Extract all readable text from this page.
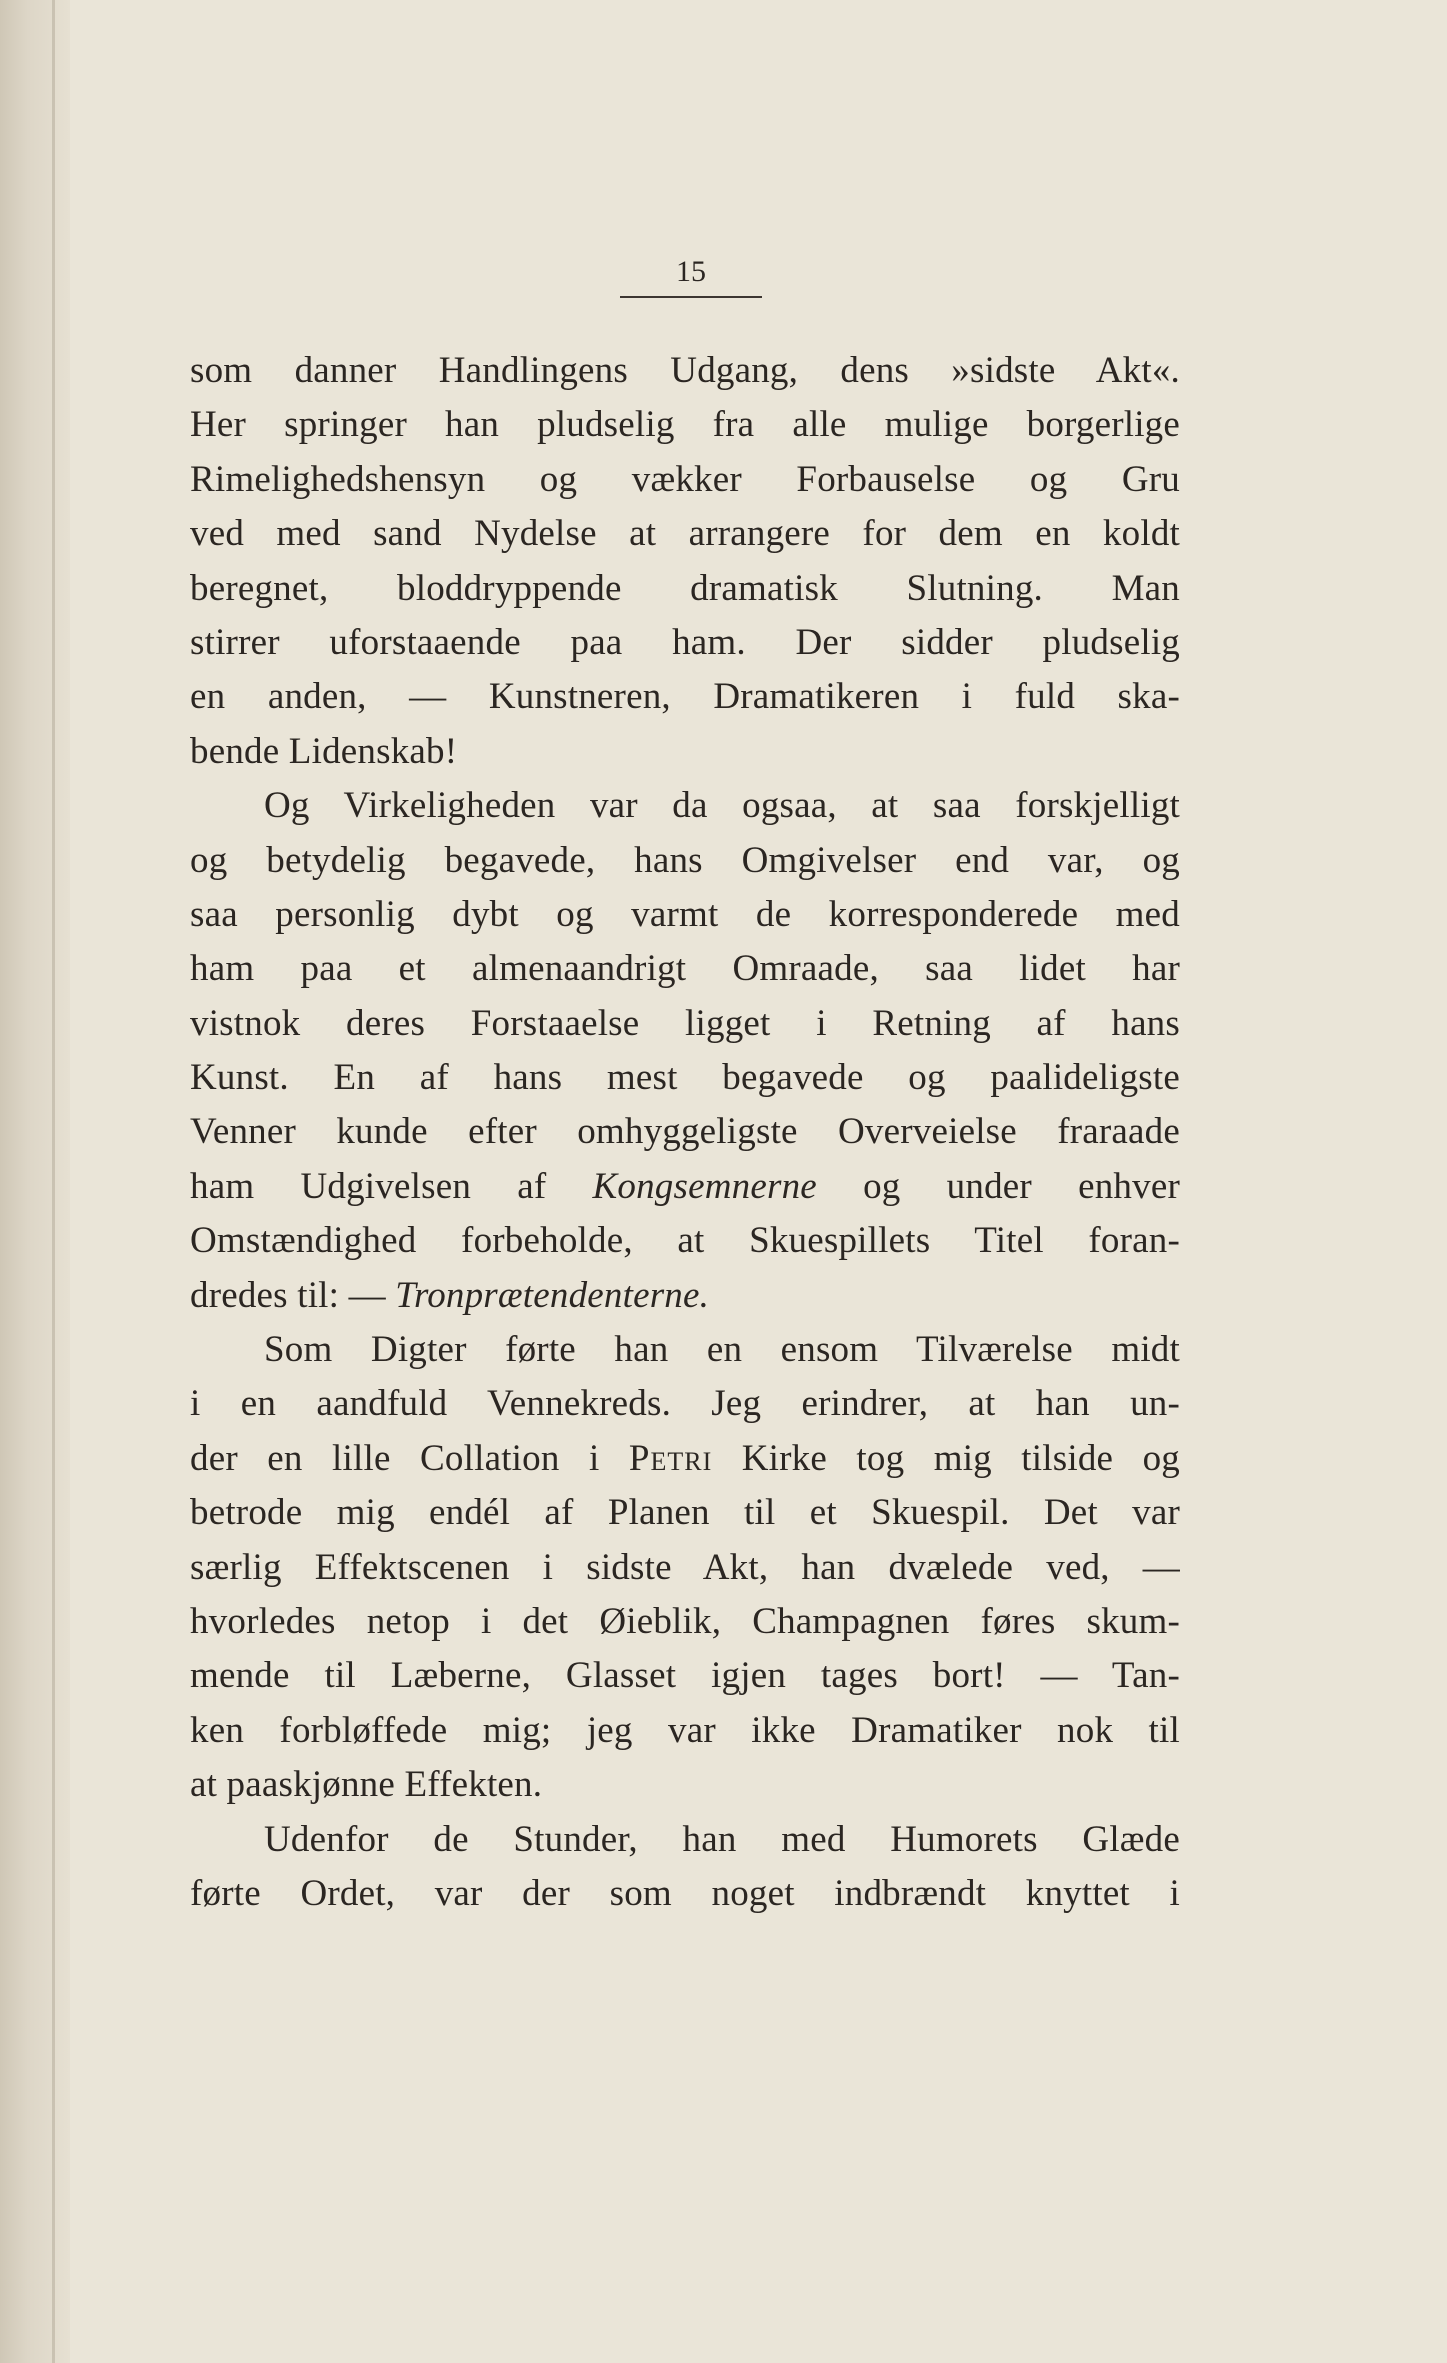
15
som danner Handlingens Udgang, dens »sidste Akt«.
Her springer han pludselig fra alle mulige borgerlige
Rimelighedshensyn og vækker Forbauselse og Gru
ved med sand Nydelse at arrangere for dem en koldt
beregnet, bloddryppende dramatisk Slutning. Man
stirrer uforstaaende paa ham. Der sidder pludselig
en anden, — Kunstneren, Dramatikeren i fuld ska-
bende Lidenskab!
Og Virkeligheden var da ogsaa, at saa forskjelligt
og betydelig begavede, hans Omgivelser end var, og
saa personlig dybt og varmt de korresponderede med
ham paa et almenaandrigt Omraade, saa lidet har
vistnok deres Forstaaelse ligget i Retning af hans
Kunst. En af hans mest begavede og paalideligste
Venner kunde efter omhyggeligste Overveielse fraraade
ham Udgivelsen af Kongsemnerne og under enhver
Omstændighed forbeholde, at Skuespillets Titel foran-
dredes til: — Tronprætendenterne.
Som Digter førte han en ensom Tilværelse midt
i en aandfuld Vennekreds. Jeg erindrer, at han un-
der en lille Collation i Petri Kirke tog mig tilside og
betrode mig endél af Planen til et Skuespil. Det var
særlig Effektscenen i sidste Akt, han dvælede ved, —
hvorledes netop i det Øieblik, Champagnen føres skum-
mende til Læberne, Glasset igjen tages bort! — Tan-
ken forbløffede mig; jeg var ikke Dramatiker nok til
at paaskjønne Effekten.
Udenfor de Stunder, han med Humorets Glæde
førte Ordet, var der som noget indbrændt knyttet i
